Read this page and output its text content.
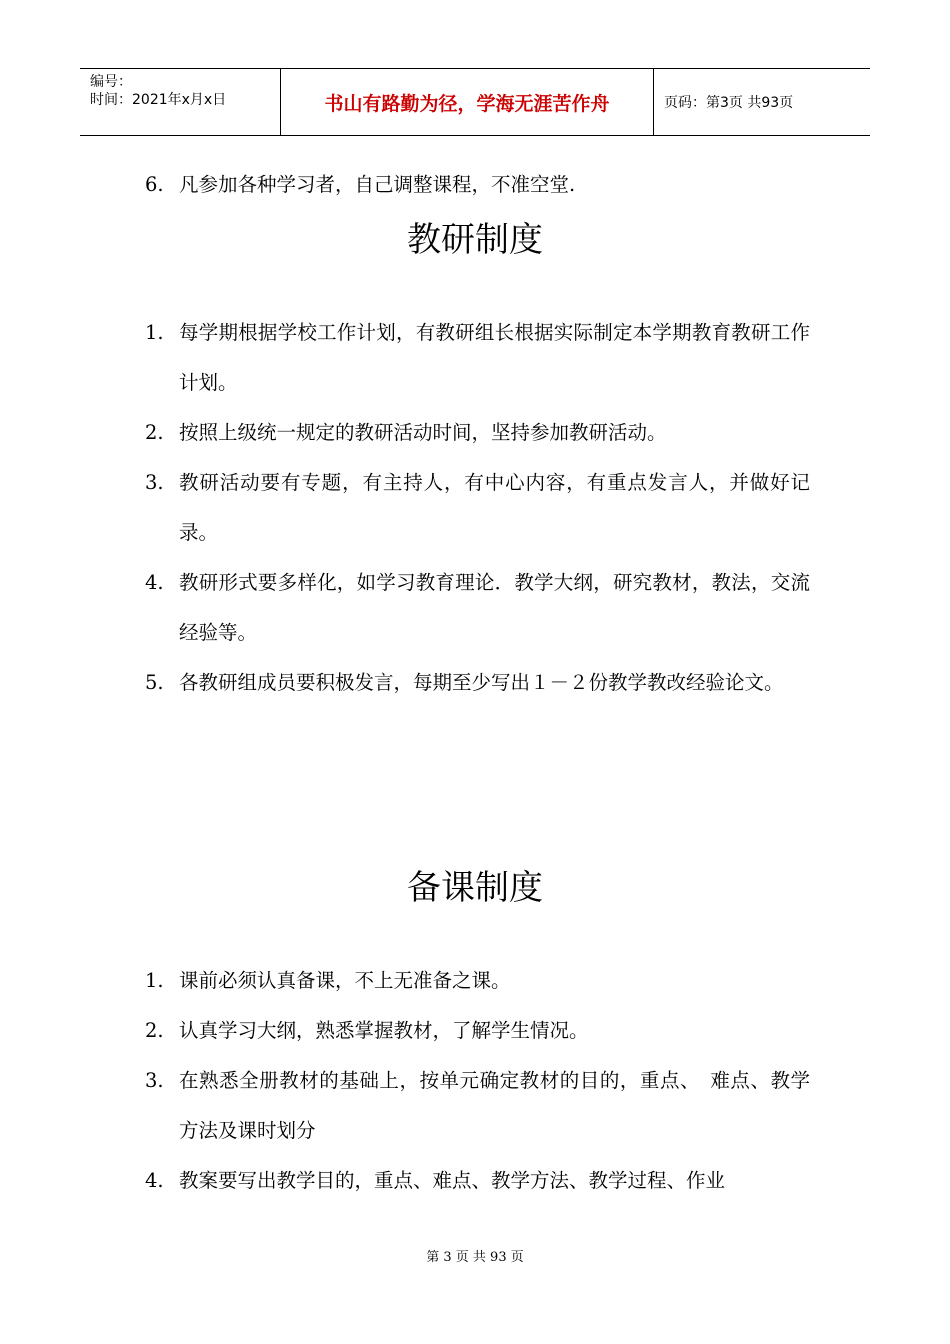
编号：
时间：2021年x月x日	书山有路勤为径，学海无涯苦作舟	页码：第3页 共93页
6. 凡参加各种学习者，自己调整课程，不准空堂.
教研制度
1. 每学期根据学校工作计划，有教研组长根据实际制定本学期教育教研工作计划。
2. 按照上级统一规定的教研活动时间，坚持参加教研活动。
3. 教研活动要有专题，有主持人，有中心内容，有重点发言人，并做好记录。
4. 教研形式要多样化，如学习教育理论．教学大纲，研究教材，教法，交流经验等。
5. 各教研组成员要积极发言，每期至少写出１－２份教学教改经验论文。
备课制度
1. 课前必须认真备课，不上无准备之课。
2. 认真学习大纲，熟悉掌握教材，了解学生情况。
3. 在熟悉全册教材的基础上，按单元确定教材的目的，重点、　难点、教学方法及课时划分
4. 教案要写出教学目的，重点、难点、教学方法、教学过程、作业
第 3 页 共 93 页
